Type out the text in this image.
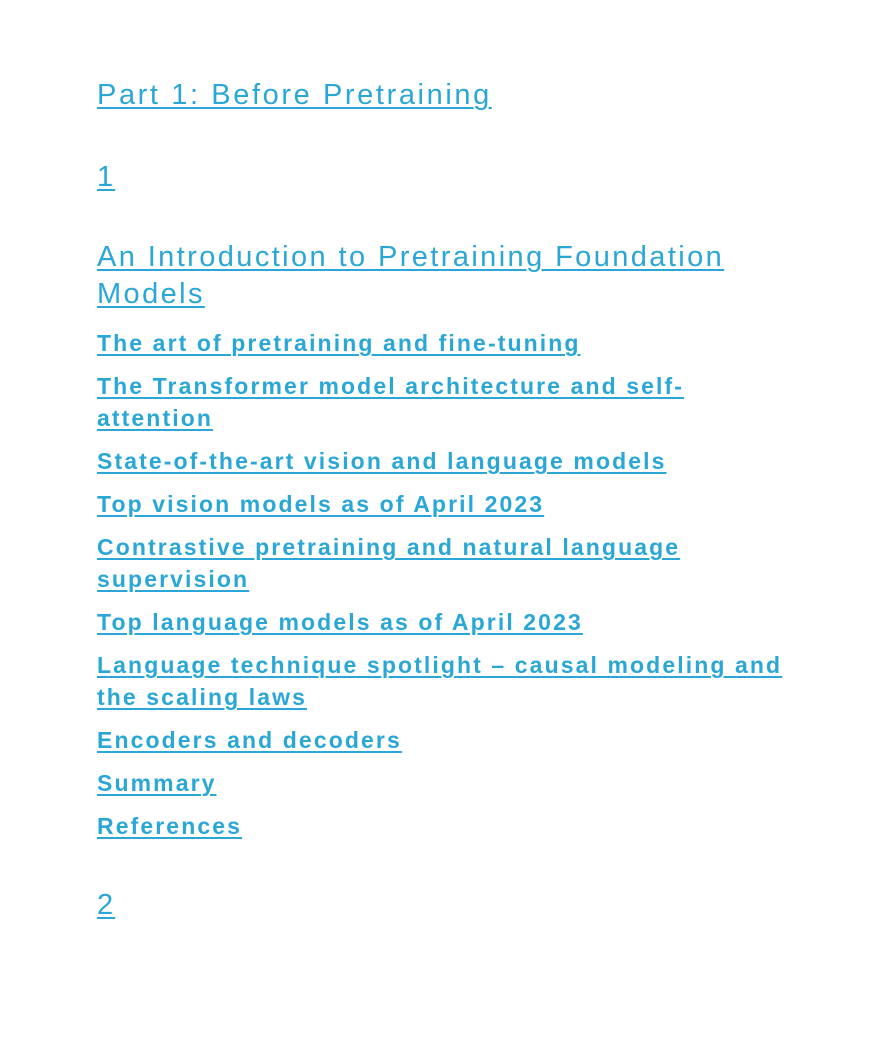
Part 1: Before Pretraining
1
An Introduction to Pretraining Foundation Models
The art of pretraining and fine-tuning
The Transformer model architecture and self-attention
State-of-the-art vision and language models
Top vision models as of April 2023
Contrastive pretraining and natural language supervision
Top language models as of April 2023
Language technique spotlight – causal modeling and the scaling laws
Encoders and decoders
Summary
References
2
